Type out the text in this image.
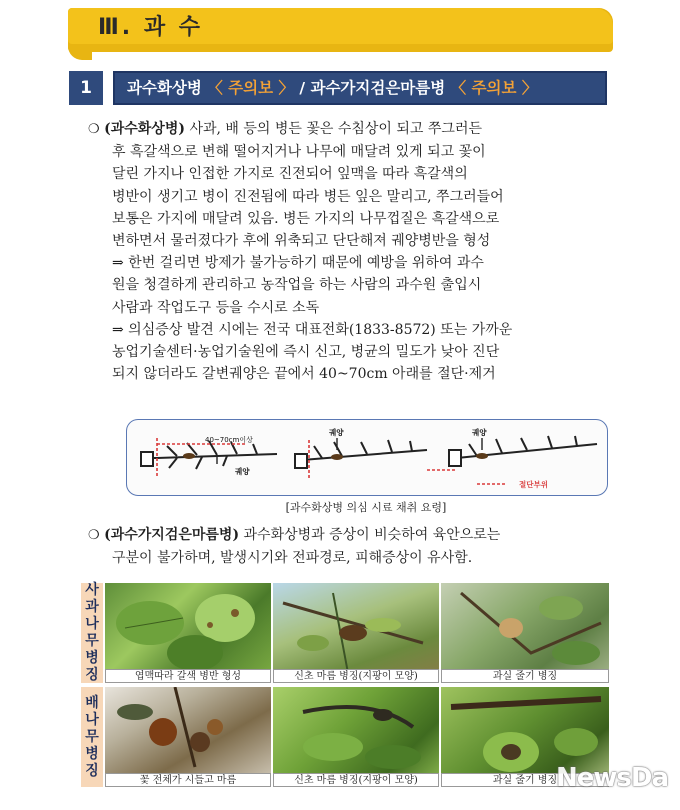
Ⅲ. 과 수
1	과수화상병 〈 주의보 〉 / 과수가지검은마름병 〈 주의보 〉

❍ (과수화상병) 사과, 배 등의 병든 꽃은 수침상이 되고 쭈그러든

후 흑갈색으로 변해 떨어지거나 나무에 매달려 있게 되고 꽃이

달린 가지나 인접한 가지로 진전되어 잎맥을 따라 흑갈색의

병반이 생기고 병이 진전됨에 따라 병든 잎은 말리고, 쭈그러들어

보통은 가지에 매달려 있음. 병든 가지의 나무껍질은 흑갈색으로

변하면서 물러졌다가 후에 위축되고 단단해져 궤양병반을 형성

⇒ 한번 걸리면 방제가 불가능하기 때문에 예방을 위하여 과수

원을 청결하게 관리하고 농작업을 하는 사람의 과수원 출입시

사람과 작업도구 등을 수시로 소독

⇒ 의심증상 발견 시에는 전국 대표전화(1833-8572) 또는 가까운

농업기술센터·농업기술원에 즉시 신고, 병균의 밀도가 낮아 진단

되지 않더라도 갈변궤양은 끝에서 40~70cm 아래를 절단·제거

40~70cm이상
궤양
궤양	궤양
절단부위
[과수화상병 의심 시료 채취 요령]

❍ (과수가지검은마름병) 과수화상병과 증상이 비슷하여 육안으로는

구분이 불가하며, 발생시기와 전파경로, 피해증상이 유사함.

사
과
나
무
병
징
배
나
무
병
징
엽맥따라 갈색 병반 형성	신초 마름 병징(지팡이 모양)	과실 줄기 병징
꽃 전체가 시들고 마름	신초 마름 병징(지팡이 모양)	과실 줄기 병징
NewsDa
